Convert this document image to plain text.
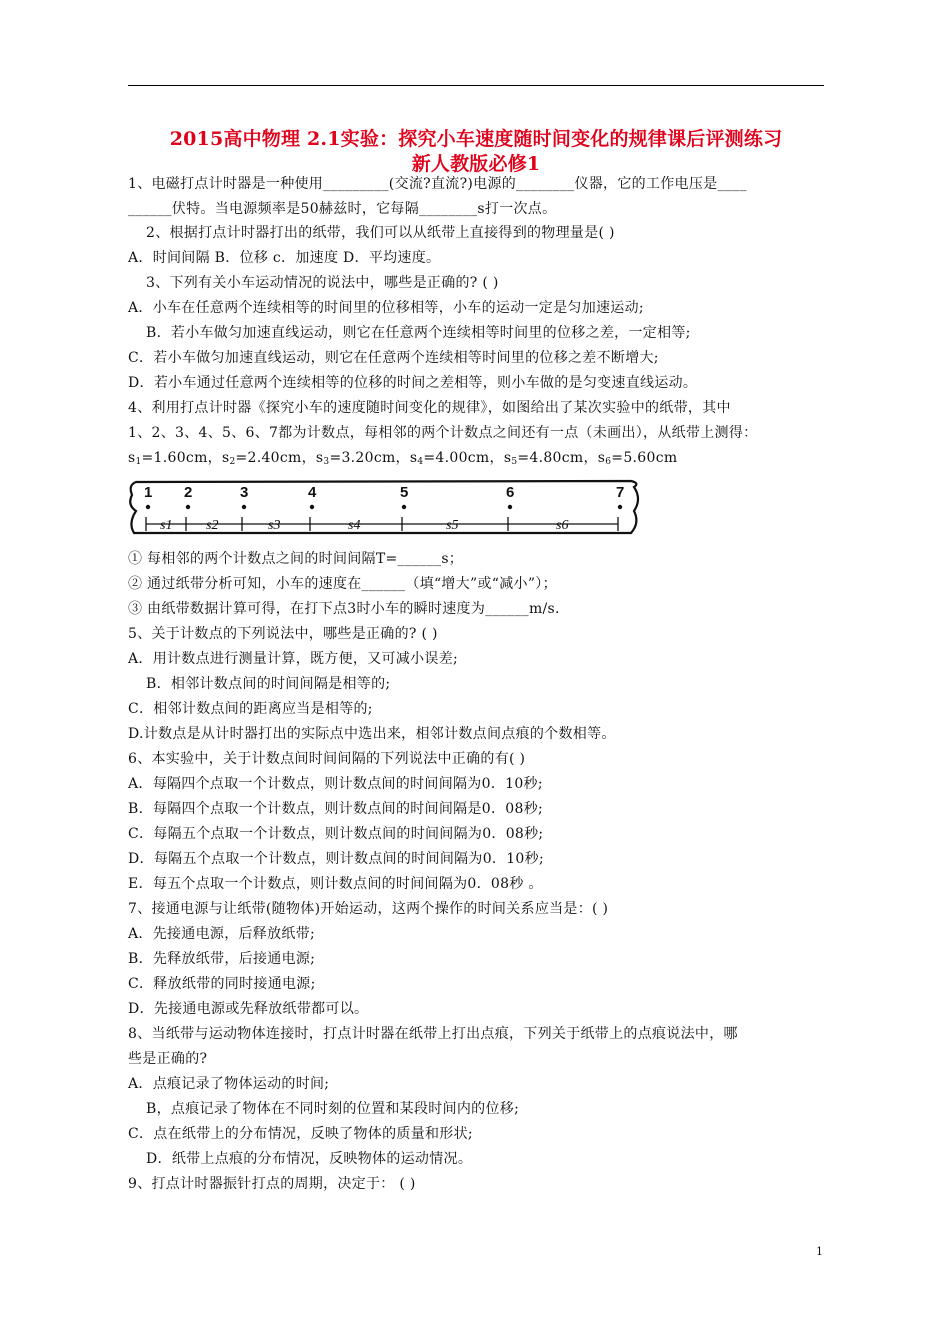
2015高中物理 2.1实验：探究小车速度随时间变化的规律课后评测练习
新人教版必修1
1、电磁打点计时器是一种使用_________(交流?直流?)电源的________仪器，它的工作电压是____
______伏特。当电源频率是50赫兹时，它每隔________s打一次点。
2、根据打点计时器打出的纸带，我们可以从纸带上直接得到的物理量是( )
A．时间间隔 B．位移 c．加速度 D．平均速度。
3、下列有关小车运动情况的说法中，哪些是正确的? ( )
A．小车在任意两个连续相等的时间里的位移相等，小车的运动一定是匀加速运动;
B．若小车做匀加速直线运动，则它在任意两个连续相等时间里的位移之差，一定相等;
C．若小车做匀加速直线运动，则它在任意两个连续相等时间里的位移之差不断增大;
D．若小车通过任意两个连续相等的位移的时间之差相等，则小车做的是匀变速直线运动。
4、利用打点计时器《探究小车的速度随时间变化的规律》，如图给出了某次实验中的纸带，其中
1、2、3、4、5、6、7都为计数点，每相邻的两个计数点之间还有一点（未画出），从纸带上测得：
$s_1=1.60cm$，$s_2=2.40cm$，$s_3=3.20cm$，$s_4=4.00cm$，$s_5=4.80cm$，$s_6=5.60cm$
1 2	3	4	5	6	7
s1 s2	s3	s4	s5	s6
① 每相邻的两个计数点之间的时间间隔T=______s；
② 通过纸带分析可知，小车的速度在______（填“增大”或“减小”）；
③ 由纸带数据计算可得，在打下点3时小车的瞬时速度为______m/s.
5、关于计数点的下列说法中，哪些是正确的? ( )
A．用计数点进行测量计算，既方便，又可减小误差;
B．相邻计数点间的时间间隔是相等的;
C．相邻计数点间的距离应当是相等的;
D.计数点是从计时器打出的实际点中选出来，相邻计数点间点痕的个数相等。
6、本实验中，关于计数点间时间间隔的下列说法中正确的有( )
A．每隔四个点取一个计数点，则计数点间的时间间隔为0．10秒;
B．每隔四个点取一个计数点，则计数点间的时间间隔是0．08秒;
C．每隔五个点取一个计数点，则计数点间的时间间隔为0．08秒;
D．每隔五个点取一个计数点，则计数点间的时间间隔为0．10秒;
E．每五个点取一个计数点，则计数点间的时间间隔为0．08秒 。
7、接通电源与让纸带(随物体)开始运动，这两个操作的时间关系应当是：( )
A．先接通电源，后释放纸带;
B．先释放纸带，后接通电源;
C．释放纸带的同时接通电源;
D．先接通电源或先释放纸带都可以。
8、当纸带与运动物体连接时，打点计时器在纸带上打出点痕，下列关于纸带上的点痕说法中，哪
些是正确的?
A．点痕记录了物体运动的时间;
B，点痕记录了物体在不同时刻的位置和某段时间内的位移;
C．点在纸带上的分布情况，反映了物体的质量和形状;
D．纸带上点痕的分布情况，反映物体的运动情况。
9、打点计时器振针打点的周期，决定于： ( )
1
